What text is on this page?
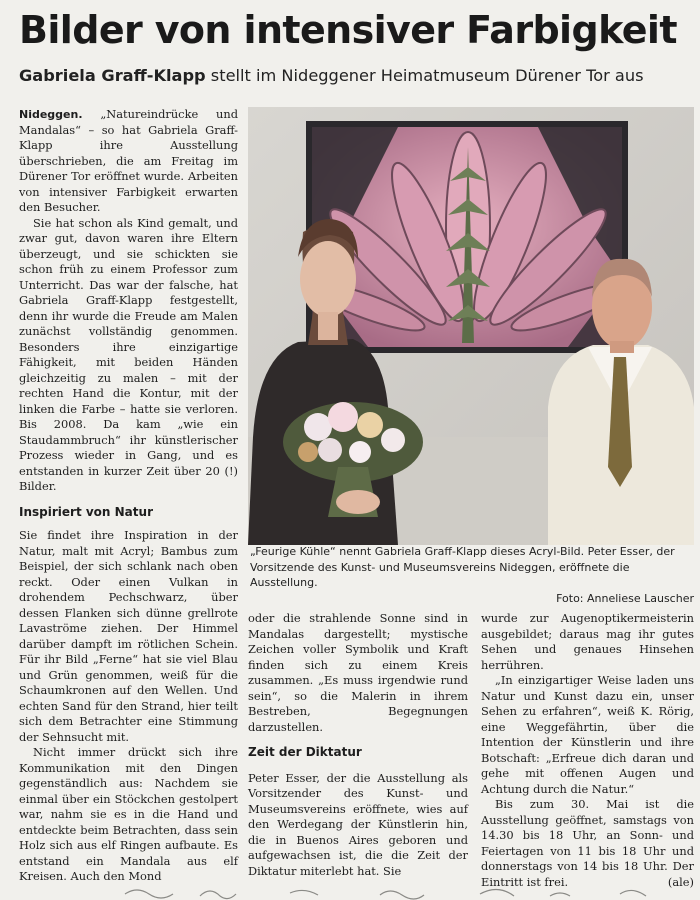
Bilder von intensiver Farbigkeit
Gabriela Graff-Klapp stellt im Nideggener Heimatmuseum Dürener Tor aus

Nideggen. „Natureindrücke und Mandalas“ – so hat Gabriela Graff-Klapp ihre Ausstellung überschrieben, die am Freitag im Dürener Tor eröffnet wurde. Arbeiten von intensiver Farbigkeit erwarten den Besucher.

Sie hat schon als Kind gemalt, und zwar gut, davon waren ihre Eltern überzeugt, und sie schickten sie schon früh zu einem Professor zum Unterricht. Das war der falsche, hat Gabriela Graff-Klapp festgestellt, denn ihr wurde die Freude am Malen zunächst vollständig genommen. Besonders ihre einzigartige Fähigkeit, mit beiden Händen gleichzeitig zu malen – mit der rechten Hand die Kontur, mit der linken die Farbe – hatte sie verloren. Bis 2008. Da kam „wie ein Staudammbruch“ ihr künstlerischer Prozess wieder in Gang, und es entstanden in kurzer Zeit über 20 (!) Bilder.

Inspiriert von Natur

Sie findet ihre Inspiration in der Natur, malt mit Acryl; Bambus zum Beispiel, der sich schlank nach oben reckt. Oder einen Vulkan in drohendem Pechschwarz, über dessen Flanken sich dünne grellrote Lavaströme ziehen. Der Himmel darüber dampft im rötlichen Schein. Für ihr Bild „Ferne“ hat sie viel Blau und Grün genommen, weiß für die Schaumkronen auf den Wellen. Und echten Sand für den Strand, hier teilt sich dem Betrachter eine Stimmung der Sehnsucht mit.

Nicht immer drückt sich ihre Kommunikation mit den Dingen gegenständlich aus: Nachdem sie einmal über ein Stöckchen gestolpert war, nahm sie es in die Hand und entdeckte beim Betrachten, dass sein Holz sich aus elf Ringen aufbaute. Es entstand ein Mandala aus elf Kreisen. Auch den Mond

„Feurige Kühle“ nennt Gabriela Graff-Klapp dieses Acryl-Bild. Peter Esser, der Vorsitzende des Kunst- und Museumsvereins Nideggen, eröffnete die Ausstellung.

Foto: Anneliese Lauscher

oder die strahlende Sonne sind in Mandalas dargestellt; mystische Zeichen voller Symbolik und Kraft finden sich zu einem Kreis zusammen. „Es muss irgendwie rund sein“, so die Malerin in ihrem Bestreben, Begegnungen darzustellen.

Zeit der Diktatur

Peter Esser, der die Ausstellung als Vorsitzender des Kunst- und Museumsvereins eröffnete, wies auf den Werdegang der Künstlerin hin, die in Buenos Aires geboren und aufgewachsen ist, die die Zeit der Diktatur miterlebt hat. Sie

wurde zur Augenoptikermeisterin ausgebildet; daraus mag ihr gutes Sehen und genaues Hinsehen herrühren.

„In einzigartiger Weise laden uns Natur und Kunst dazu ein, unser Sehen zu erfahren“, weiß K. Rörig, eine Weggefährtin, über die Intention der Künstlerin und ihre Botschaft: „Erfreue dich daran und gehe mit offenen Augen und Achtung durch die Natur.“

Bis zum 30. Mai ist die Ausstellung geöffnet, samstags von 14.30 bis 18 Uhr, an Sonn- und Feiertagen von 11 bis 18 Uhr und donnerstags von 14 bis 18 Uhr. Der Eintritt ist frei.	(ale)
